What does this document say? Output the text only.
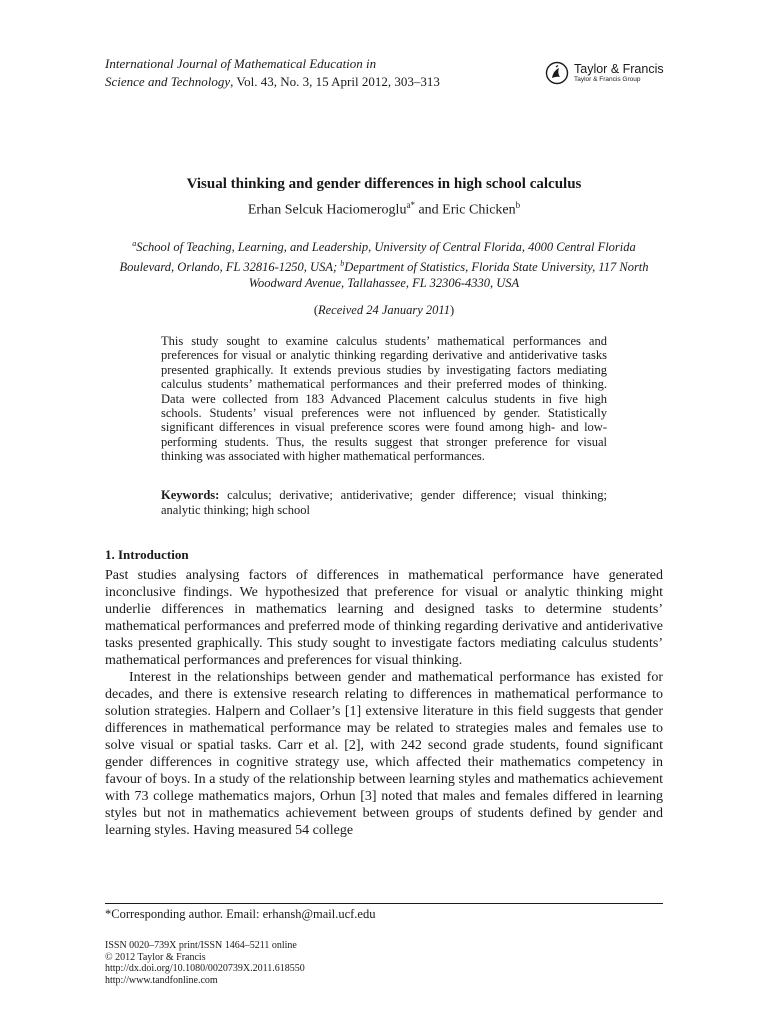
International Journal of Mathematical Education in
Science and Technology, Vol. 43, No. 3, 15 April 2012, 303–313
Taylor & Francis
Taylor & Francis Group
Visual thinking and gender differences in high school calculus
Erhan Selcuk Haciomeroglu$^{a*}$ and Eric Chicken$^b$
$^a$School of Teaching, Learning, and Leadership, University of Central Florida, 4000 Central Florida Boulevard, Orlando, FL 32816-1250, USA; $^b$Department of Statistics, Florida State University, 117 North Woodward Avenue, Tallahassee, FL 32306-4330, USA
(Received 24 January 2011)

This study sought to examine calculus students’ mathematical performances and preferences for visual or analytic thinking regarding derivative and antiderivative tasks presented graphically. It extends previous studies by investigating factors mediating calculus students’ mathematical performances and their preferred modes of thinking. Data were collected from 183 Advanced Placement calculus students in five high schools. Students’ visual preferences were not influenced by gender. Statistically significant differences in visual preference scores were found among high- and low-performing students. Thus, the results suggest that stronger preference for visual thinking was associated with higher mathematical performances.

Keywords: calculus; derivative; antiderivative; gender difference; visual thinking; analytic thinking; high school

1. Introduction

Past studies analysing factors of differences in mathematical performance have generated inconclusive findings. We hypothesized that preference for visual or analytic thinking might underlie differences in mathematics learning and designed tasks to determine students’ mathematical performances and preferred mode of thinking regarding derivative and antiderivative tasks presented graphically. This study sought to investigate factors mediating calculus students’ mathematical performances and preferences for visual thinking.

Interest in the relationships between gender and mathematical performance has existed for decades, and there is extensive research relating to differences in mathematical performance to solution strategies. Halpern and Collaer’s [1] extensive literature in this field suggests that gender differences in mathematical performance may be related to strategies males and females use to solve visual or spatial tasks. Carr et al. [2], with 242 second grade students, found significant gender differences in cognitive strategy use, which affected their mathematics competency in favour of boys. In a study of the relationship between learning styles and mathematics achievement with 73 college mathematics majors, Orhun [3] noted that males and females differed in learning styles but not in mathematics achievement between groups of students defined by gender and learning styles. Having measured 54 college

*Corresponding author. Email: erhansh@mail.ucf.edu
ISSN 0020–739X print/ISSN 1464–5211 online
© 2012 Taylor & Francis
http://dx.doi.org/10.1080/0020739X.2011.618550
http://www.tandfonline.com
